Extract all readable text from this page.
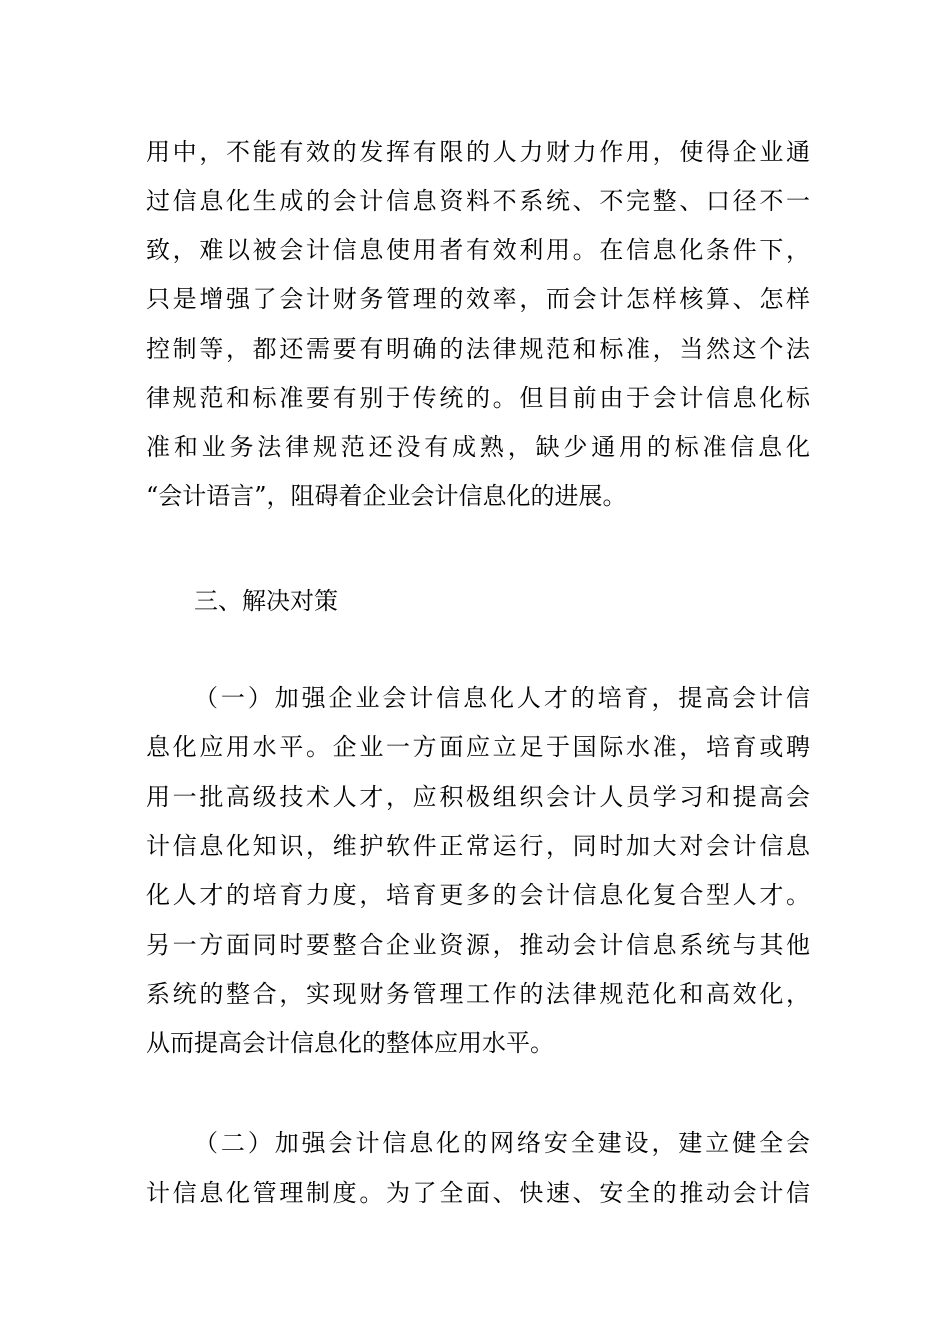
用中，不能有效的发挥有限的人力财力作用，使得企业通
过信息化生成的会计信息资料不系统、不完整、口径不一
致，难以被会计信息使用者有效利用。在信息化条件下，
只是增强了会计财务管理的效率，而会计怎样核算、怎样
控制等，都还需要有明确的法律规范和标准，当然这个法
律规范和标准要有别于传统的。但目前由于会计信息化标
准和业务法律规范还没有成熟，缺少通用的标准信息化
“会计语言”，阻碍着企业会计信息化的进展。
三、解决对策
（一）加强企业会计信息化人才的培育，提高会计信
息化应用水平。企业一方面应立足于国际水准，培育或聘
用一批高级技术人才，应积极组织会计人员学习和提高会
计信息化知识，维护软件正常运行，同时加大对会计信息
化人才的培育力度，培育更多的会计信息化复合型人才。
另一方面同时要整合企业资源，推动会计信息系统与其他
系统的整合，实现财务管理工作的法律规范化和高效化，
从而提高会计信息化的整体应用水平。
（二）加强会计信息化的网络安全建设，建立健全会
计信息化管理制度。为了全面、快速、安全的推动会计信
